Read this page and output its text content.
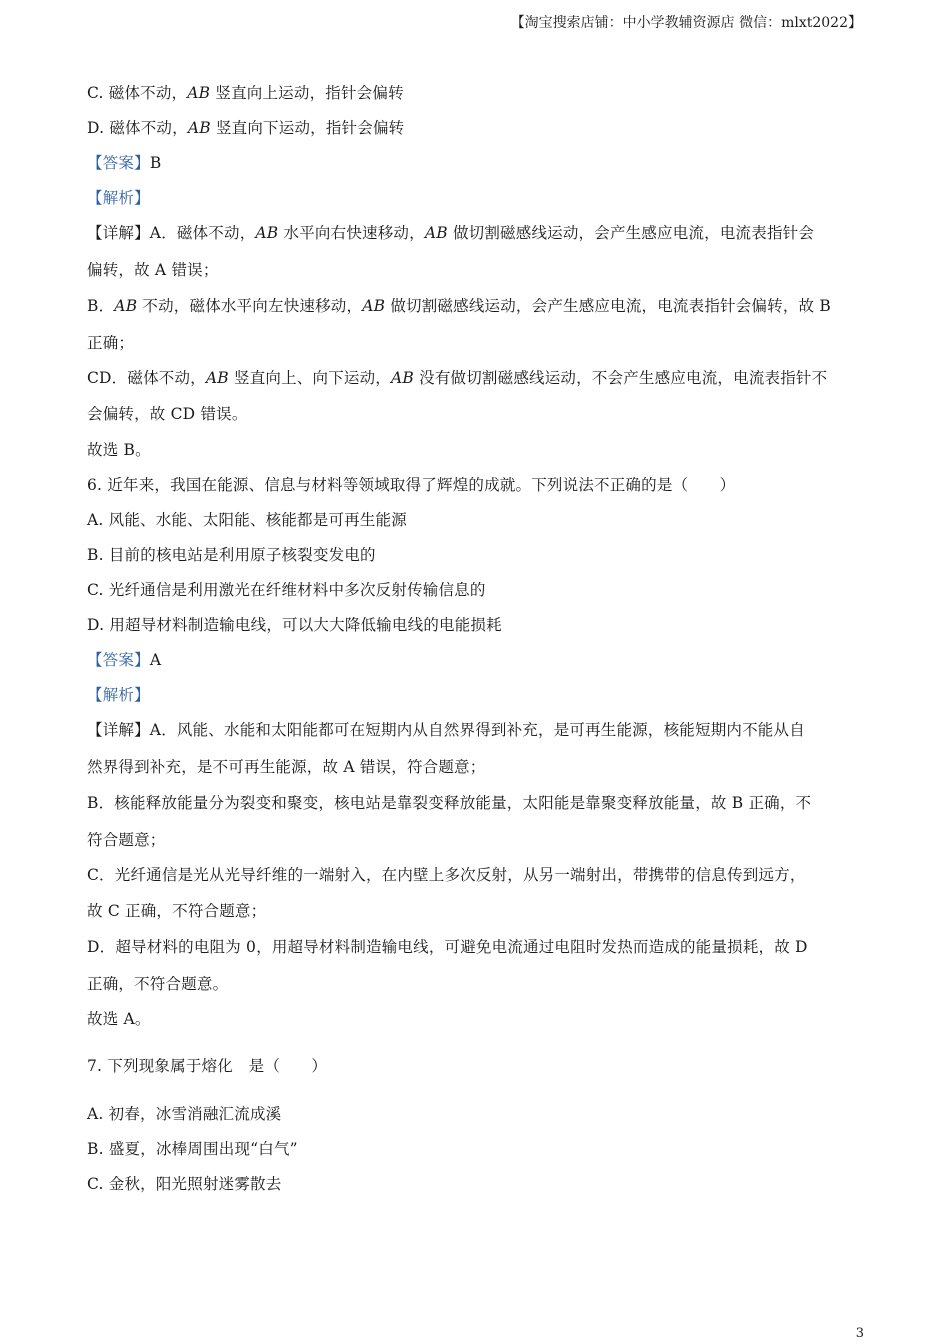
【淘宝搜索店铺：中小学教辅资源店 微信：mlxt2022】
C. 磁体不动，AB 竖直向上运动，指针会偏转
D. 磁体不动，AB 竖直向下运动，指针会偏转
【答案】B
【解析】
【详解】A．磁体不动，AB 水平向右快速移动，AB 做切割磁感线运动，会产生感应电流，电流表指针会
偏转，故 A 错误；
B．AB 不动，磁体水平向左快速移动，AB 做切割磁感线运动，会产生感应电流，电流表指针会偏转，故 B
正确；
CD．磁体不动，AB 竖直向上、向下运动，AB 没有做切割磁感线运动，不会产生感应电流，电流表指针不
会偏转，故 CD 错误。
故选 B。
6. 近年来，我国在能源、信息与材料等领域取得了辉煌的成就。下列说法不正确的是（　　）
A. 风能、水能、太阳能、核能都是可再生能源
B. 目前的核电站是利用原子核裂变发电的
C. 光纤通信是利用激光在纤维材料中多次反射传输信息的
D. 用超导材料制造输电线，可以大大降低输电线的电能损耗
【答案】A
【解析】
【详解】A．风能、水能和太阳能都可在短期内从自然界得到补充，是可再生能源，核能短期内不能从自
然界得到补充，是不可再生能源，故 A 错误，符合题意；
B．核能释放能量分为裂变和聚变，核电站是靠裂变释放能量，太阳能是靠聚变释放能量，故 B 正确，不
符合题意；
C．光纤通信是光从光导纤维的一端射入，在内壁上多次反射，从另一端射出，带携带的信息传到远方，
故 C 正确，不符合题意；
D．超导材料的电阻为 0，用超导材料制造输电线，可避免电流通过电阻时发热而造成的能量损耗，故 D
正确，不符合题意。
故选 A。
7. 下列现象属于熔化　是（　　）
A. 初春，冰雪消融汇流成溪
B. 盛夏，冰棒周围出现“白气”
C. 金秋，阳光照射迷雾散去
3
